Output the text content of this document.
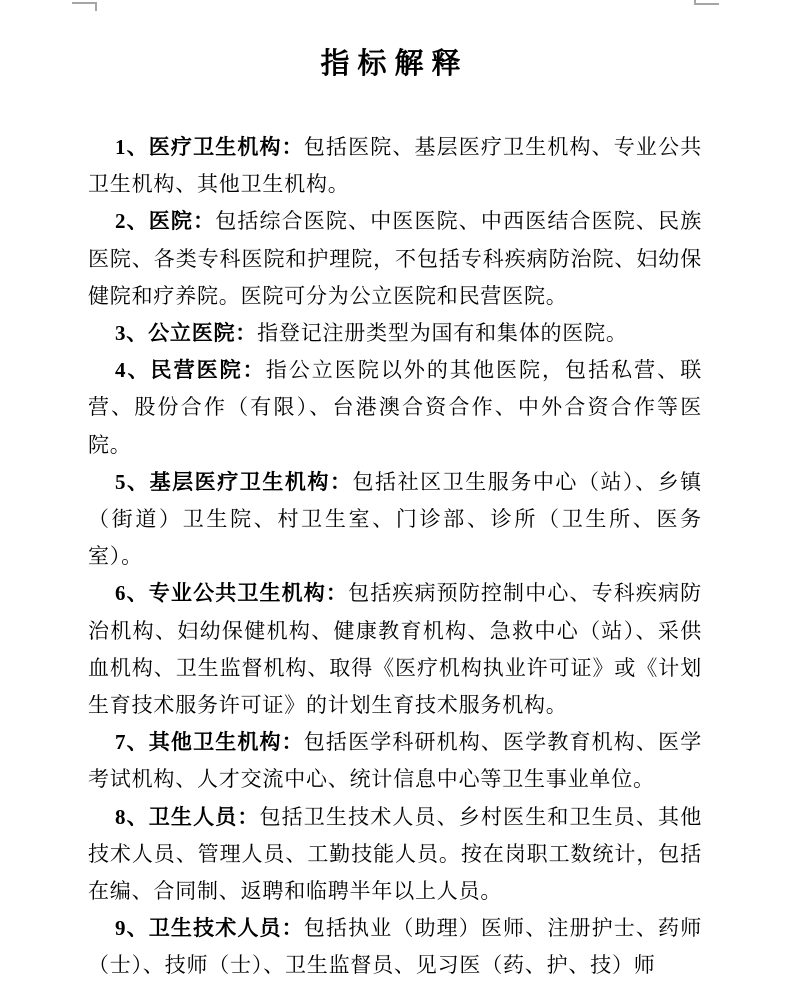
指标解释

1、医疗卫生机构：包括医院、基层医疗卫生机构、专业公共卫生机构、其他卫生机构。

2、医院：包括综合医院、中医医院、中西医结合医院、民族医院、各类专科医院和护理院，不包括专科疾病防治院、妇幼保健院和疗养院。医院可分为公立医院和民营医院。

3、公立医院：指登记注册类型为国有和集体的医院。

4、民营医院：指公立医院以外的其他医院，包括私营、联营、股份合作（有限）、台港澳合资合作、中外合资合作等医院。

5、基层医疗卫生机构：包括社区卫生服务中心（站）、乡镇（街道）卫生院、村卫生室、门诊部、诊所（卫生所、医务室）。

6、专业公共卫生机构：包括疾病预防控制中心、专科疾病防治机构、妇幼保健机构、健康教育机构、急救中心（站）、采供血机构、卫生监督机构、取得《医疗机构执业许可证》或《计划生育技术服务许可证》的计划生育技术服务机构。

7、其他卫生机构：包括医学科研机构、医学教育机构、医学考试机构、人才交流中心、统计信息中心等卫生事业单位。

8、卫生人员：包括卫生技术人员、乡村医生和卫生员、其他技术人员、管理人员、工勤技能人员。按在岗职工数统计，包括在编、合同制、返聘和临聘半年以上人员。

9、卫生技术人员：包括执业（助理）医师、注册护士、药师（士）、技师（士）、卫生监督员、见习医（药、护、技）师
